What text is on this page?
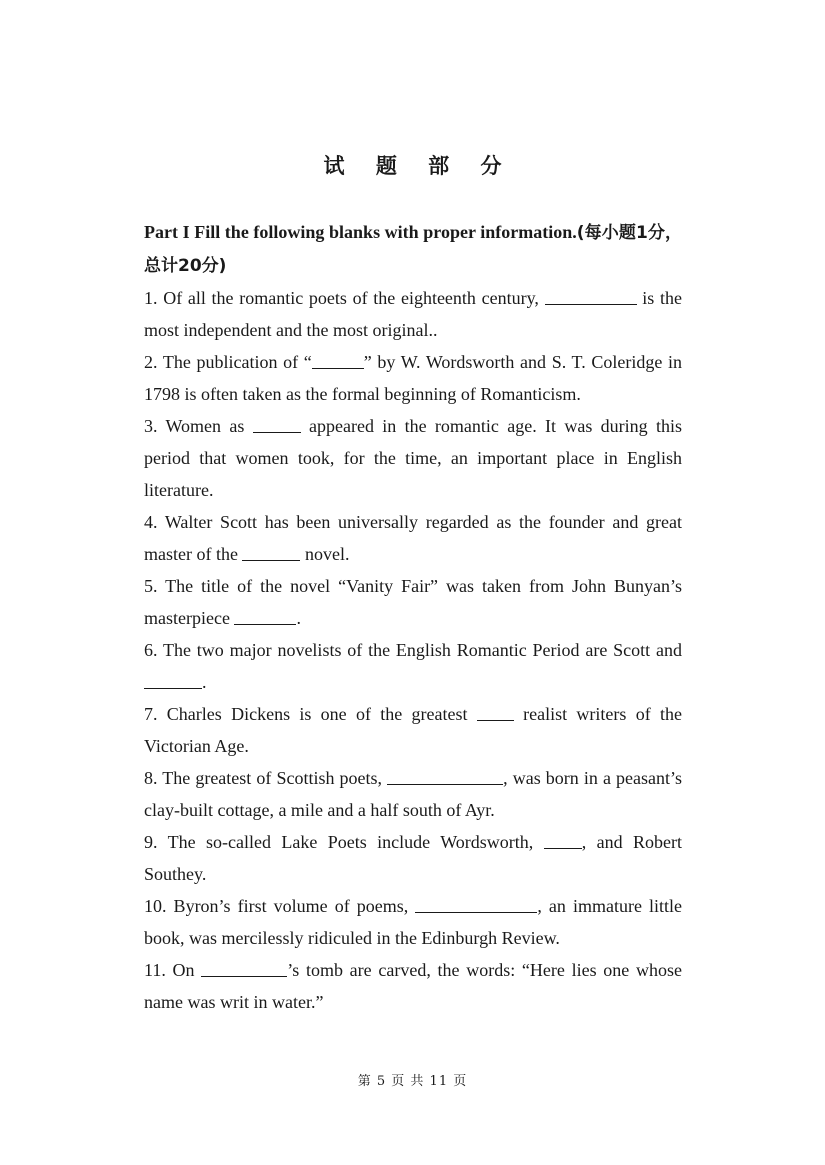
试 题 部 分
Part I Fill the following blanks with proper information.(每小题1分，总计20分)

1. Of all the romantic poets of the eighteenth century,	is the most independent and the most original..

2. The publication of “	” by W. Wordsworth and S. T. Coleridge in 1798 is often taken as the formal beginning of Romanticism.

3. Women as	appeared in the romantic age. It was during this period that women took, for the time, an important place in English literature.

4. Walter Scott has been universally regarded as the founder and great master of the	novel.

5. The title of the novel “Vanity Fair” was taken from John Bunyan’s masterpiece	.

6. The two major novelists of the English Romantic Period are Scott and .

7. Charles Dickens is one of the greatest  realist writers of the Victorian Age.

8. The greatest of Scottish poets,	, was born in a peasant’s clay-built cottage, a mile and a half south of Ayr.

9. The so-called Lake Poets include Wordsworth, , and Robert Southey.

10. Byron’s first volume of poems,	, an immature little book, was mercilessly ridiculed in the Edinburgh Review.

11. On	’s tomb are carved, the words: “Here lies one whose name was writ in water.”

第 5 页 共 11 页
